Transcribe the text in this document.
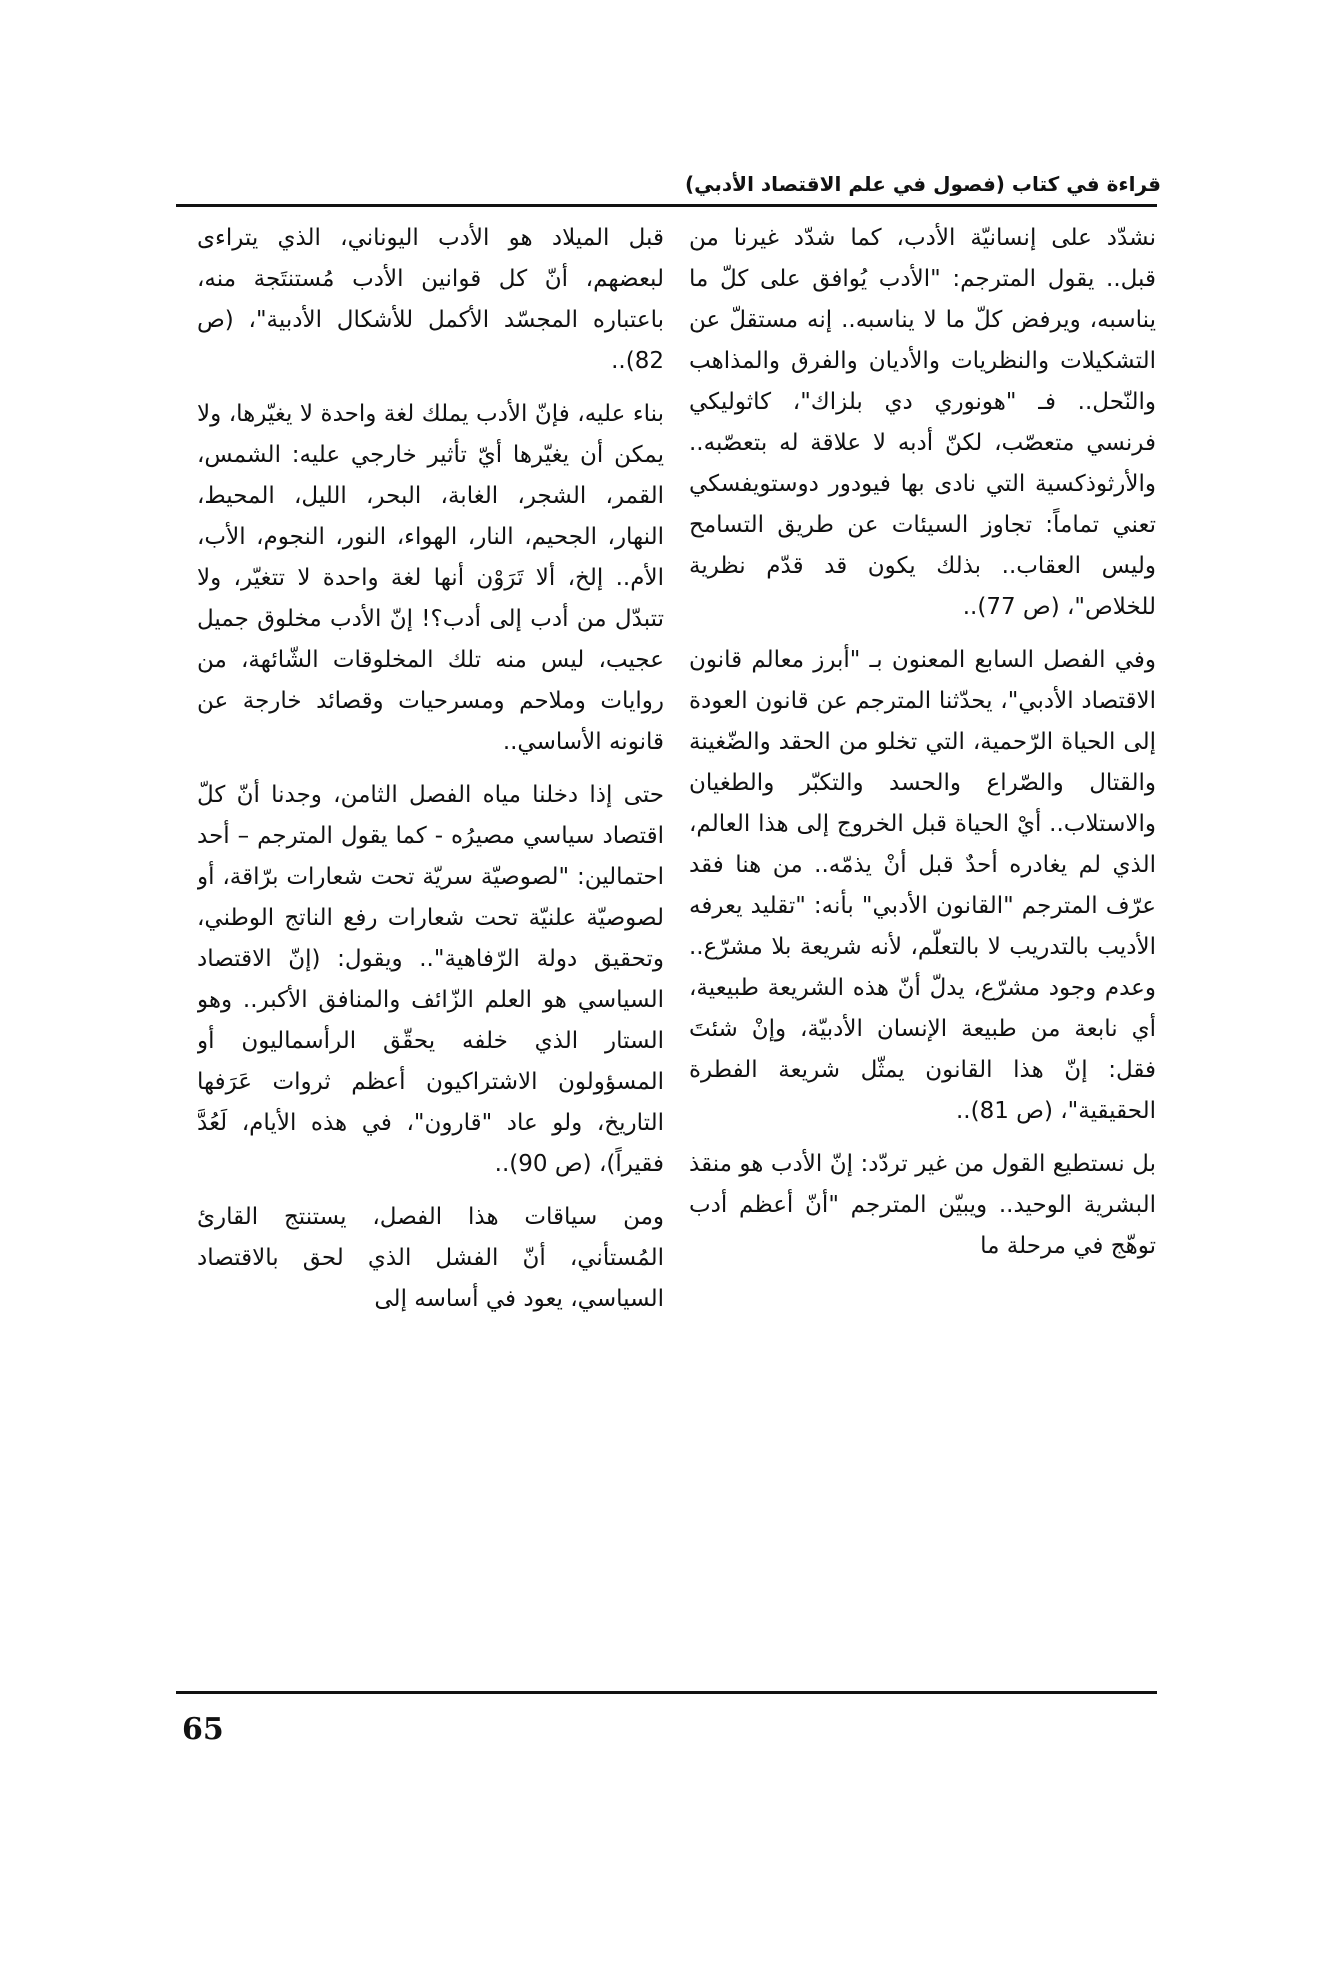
قراءة في كتاب (فصول في علم الاقتصاد الأدبي)

نشدّد على إنسانيّة الأدب، كما شدّد غيرنا من قبل.. يقول المترجم: "الأدب يُوافق على كلّ ما يناسبه، ويرفض كلّ ما لا يناسبه.. إنه مستقلّ عن التشكيلات والنظريات والأديان والفرق والمذاهب والنّحل.. فـ "هونوري دي بلزاك"، كاثوليكي فرنسي متعصّب، لكنّ أدبه لا علاقة له بتعصّبه.. والأرثوذكسية التي نادى بها فيودور دوستويفسكي تعني تماماً: تجاوز السيئات عن طريق التسامح وليس العقاب.. بذلك يكون قد قدّم نظرية للخلاص"، (ص 77)..

وفي الفصل السابع المعنون بـ "أبرز معالم قانون الاقتصاد الأدبي"، يحدّثنا المترجم عن قانون العودة إلى الحياة الرّحمية، التي تخلو من الحقد والضّغينة والقتال والصّراع والحسد والتكبّر والطغيان والاستلاب.. أيْ الحياة قبل الخروج إلى هذا العالم، الذي لم يغادره أحدٌ قبل أنْ يذمّه.. من هنا فقد عرّف المترجم "القانون الأدبي" بأنه: "تقليد يعرفه الأديب بالتدريب لا بالتعلّم، لأنه شريعة بلا مشرّع.. وعدم وجود مشرّع، يدلّ أنّ هذه الشريعة طبيعية، أي نابعة من طبيعة الإنسان الأدبيّة، وإنْ شئتَ فقل: إنّ هذا القانون يمثّل شريعة الفطرة الحقيقية"، (ص 81)..

بل نستطيع القول من غير تردّد: إنّ الأدب هو منقذ البشرية الوحيد.. ويبيّن المترجم "أنّ أعظم أدب توهّج في مرحلة ما

قبل الميلاد هو الأدب اليوناني، الذي يتراءى لبعضهم، أنّ كل قوانين الأدب مُستنتَجة منه، باعتباره المجسّد الأكمل للأشكال الأدبية"، (ص 82)..

بناء عليه، فإنّ الأدب يملك لغة واحدة لا يغيّرها، ولا يمكن أن يغيّرها أيّ تأثير خارجي عليه: الشمس، القمر، الشجر، الغابة، البحر، الليل، المحيط، النهار، الجحيم، النار، الهواء، النور، النجوم، الأب، الأم.. إلخ، ألا تَرَوْن أنها لغة واحدة لا تتغيّر، ولا تتبدّل من أدب إلى أدب؟! إنّ الأدب مخلوق جميل عجيب، ليس منه تلك المخلوقات الشّائهة، من روايات وملاحم ومسرحيات وقصائد خارجة عن قانونه الأساسي..

حتى إذا دخلنا مياه الفصل الثامن، وجدنا أنّ كلّ اقتصاد سياسي مصيرُه - كما يقول المترجم – أحد احتمالين: "لصوصيّة سريّة تحت شعارات برّاقة، أو لصوصيّة علنيّة تحت شعارات رفع الناتج الوطني، وتحقيق دولة الرّفاهية".. ويقول: (إنّ الاقتصاد السياسي هو العلم الزّائف والمنافق الأكبر.. وهو الستار الذي خلفه يحقّق الرأسماليون أو المسؤولون الاشتراكيون أعظم ثروات عَرَفها التاريخ، ولو عاد "قارون"، في هذه الأيام، لَعُدَّ فقيراً)، (ص 90)..

ومن سياقات هذا الفصل، يستنتج القارئ المُستأني، أنّ الفشل الذي لحق بالاقتصاد السياسي، يعود في أساسه إلى

65
